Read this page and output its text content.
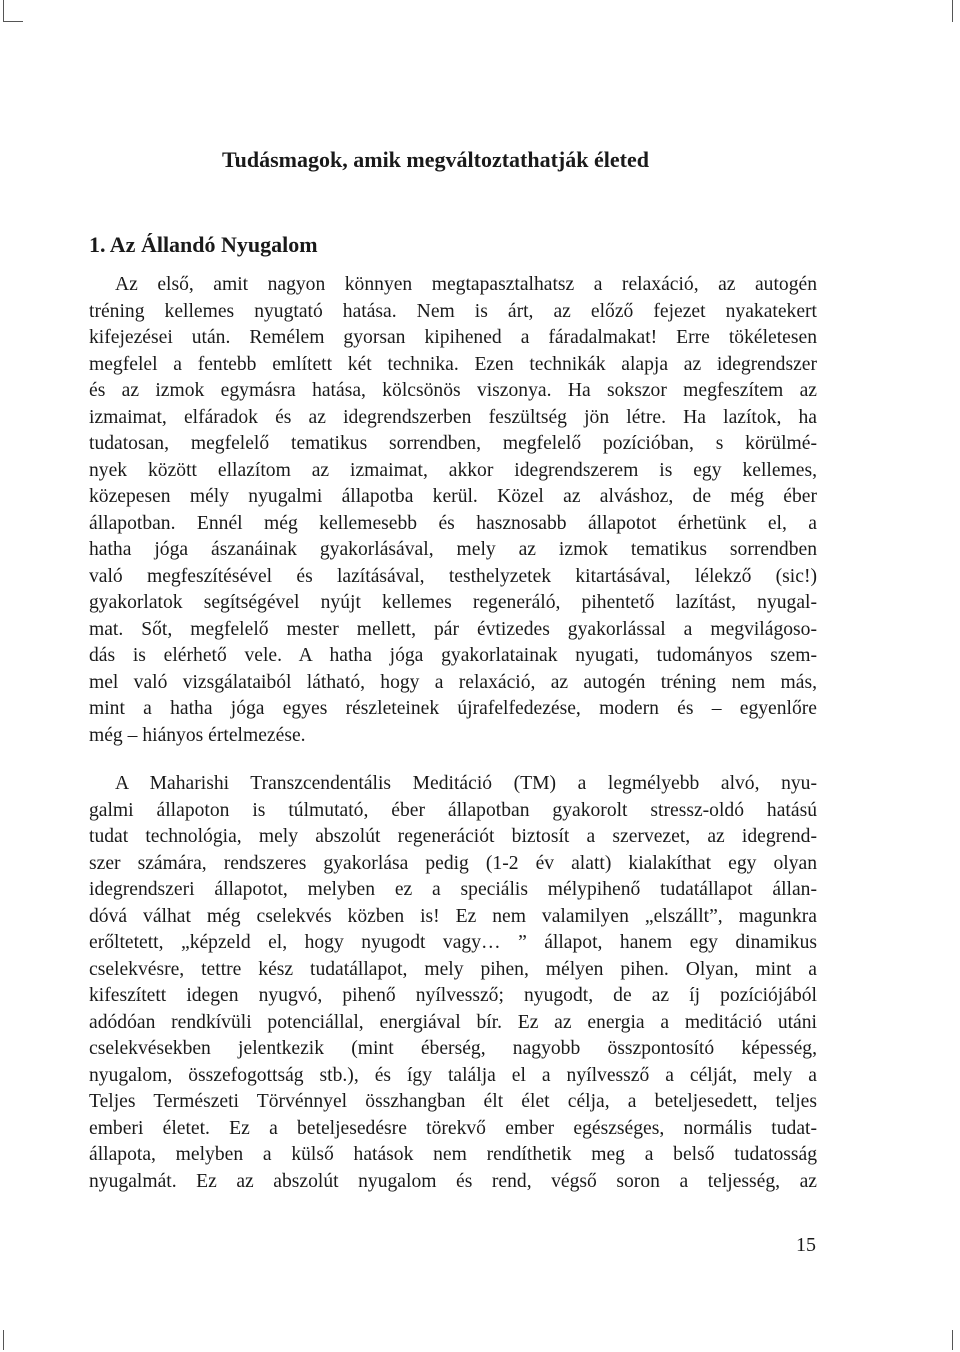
Tudásmagok, amik megváltoztathatják életed
1. Az Állandó Nyugalom
Az első, amit nagyon könnyen megtapasztalhatsz a relaxáció, az autogén
tréning kellemes nyugtató hatása. Nem is árt, az előző fejezet nyakatekert
kifejezései után. Remélem gyorsan kipihened a fáradalmakat! Erre tökéletesen
megfelel a fentebb említett két technika. Ezen technikák alapja az idegrendszer
és az izmok egymásra hatása, kölcsönös viszonya. Ha sokszor megfeszítem az
izmaimat, elfáradok és az idegrendszerben feszültség jön létre. Ha lazítok, ha
tudatosan, megfelelő tematikus sorrendben, megfelelő pozícióban, s körülmé-
nyek között ellazítom az izmaimat, akkor idegrendszerem is egy kellemes,
közepesen mély nyugalmi állapotba kerül. Közel az alváshoz, de még éber
állapotban. Ennél még kellemesebb és hasznosabb állapotot érhetünk el, a
hatha jóga ászanáinak gyakorlásával, mely az izmok tematikus sorrendben
való megfeszítésével és lazításával, testhelyzetek kitartásával, lélekző (sic!)
gyakorlatok segítségével nyújt kellemes regeneráló, pihentető lazítást, nyugal-
mat. Sőt, megfelelő mester mellett, pár évtizedes gyakorlással a megvilágoso-
dás is elérhető vele. A hatha jóga gyakorlatainak nyugati, tudományos szem-
mel való vizsgálataiból látható, hogy a relaxáció, az autogén tréning nem más,
mint a hatha jóga egyes részleteinek újrafelfedezése, modern és – egyenlőre
még – hiányos értelmezése.
A Maharishi Transzcendentális Meditáció (TM) a legmélyebb alvó, nyu-
galmi állapoton is túlmutató, éber állapotban gyakorolt stressz-oldó hatású
tudat technológia, mely abszolút regenerációt biztosít a szervezet, az idegrend-
szer számára, rendszeres gyakorlása pedig (1-2 év alatt) kialakíthat egy olyan
idegrendszeri állapotot, melyben ez a speciális mélypihenő tudatállapot állan-
dóvá válhat még cselekvés közben is! Ez nem valamilyen „elszállt”, magunkra
erőltetett, „képzeld el, hogy nyugodt vagy… ” állapot, hanem egy dinamikus
cselekvésre, tettre kész tudatállapot, mely pihen, mélyen pihen. Olyan, mint a
kifeszített idegen nyugvó, pihenő nyílvessző; nyugodt, de az íj pozíciójából
adódóan rendkívüli potenciállal, energiával bír. Ez az energia a meditáció utáni
cselekvésekben jelentkezik (mint éberség, nagyobb összpontosító képesség,
nyugalom, összefogottság stb.), és így találja el a nyílvessző a célját, mely a
Teljes Természeti Törvénnyel összhangban élt élet célja, a beteljesedett, teljes
emberi életet. Ez a beteljesedésre törekvő ember egészséges, normális tudat-
állapota, melyben a külső hatások nem rendíthetik meg a belső tudatosság
nyugalmát. Ez az abszolút nyugalom és rend, végső soron a teljesség, az
15
